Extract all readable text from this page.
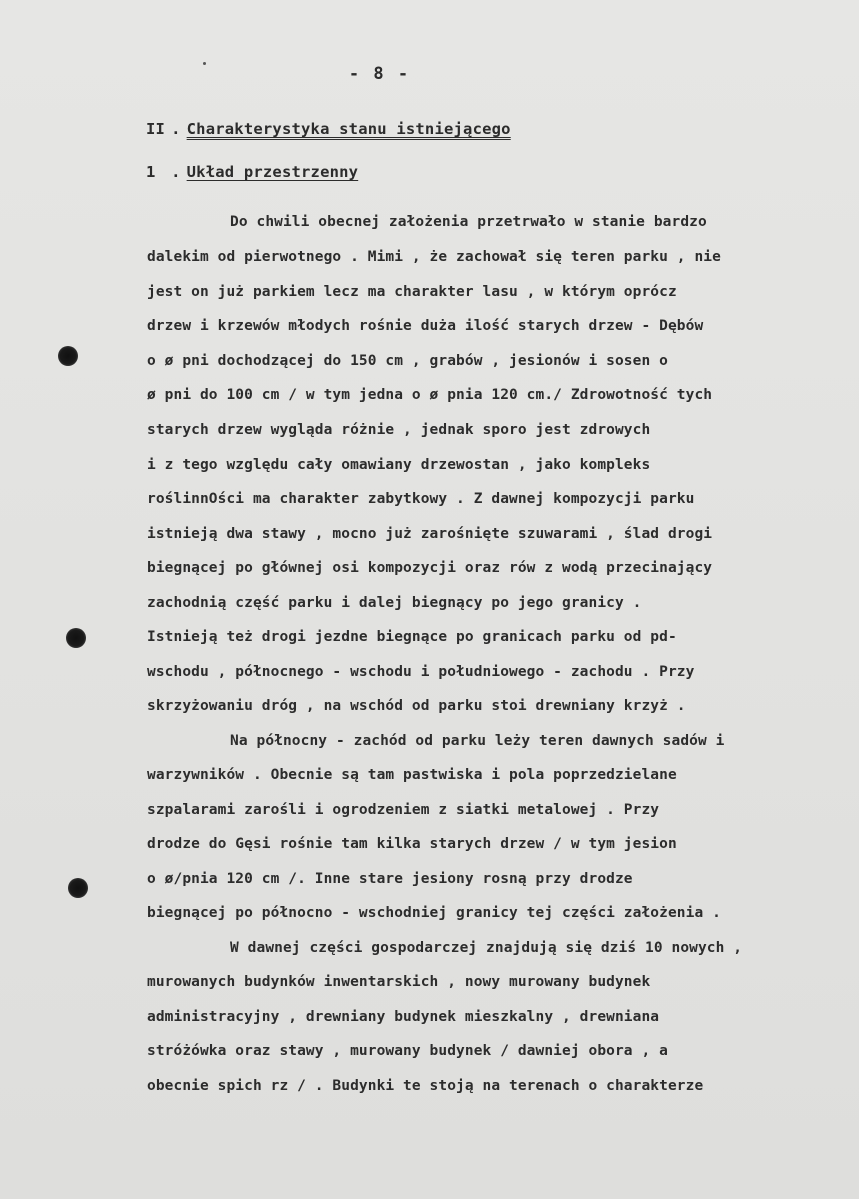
- 8 -
II . Charakterystyka stanu istniejącego
1 . Układ przestrzenny
Do chwili obecnej założenia przetrwało w stanie bardzo
dalekim od pierwotnego . Mimi , że zachował się teren parku , nie
jest on już parkiem lecz ma charakter lasu , w którym oprócz
drzew i krzewów młodych rośnie duża ilość starych drzew - Dębów
o ø pni dochodzącej do 150 cm , grabów , jesionów i sosen o
ø pni do 100 cm / w tym jedna o ø pnia 120 cm./ Zdrowotność tych
starych drzew wygląda różnie , jednak sporo jest zdrowych
i z tego względu cały omawiany drzewostan , jako kompleks
roślinnOści ma charakter zabytkowy . Z dawnej kompozycji parku
istnieją dwa stawy , mocno już zarośnięte szuwarami , ślad drogi
biegnącej po głównej osi kompozycji oraz rów z wodą przecinający
zachodnią część parku i dalej biegnący po jego granicy .
Istnieją też drogi jezdne biegnące po granicach parku od pd-
wschodu , północnego - wschodu i południowego - zachodu . Przy
skrzyżowaniu dróg , na wschód od parku stoi drewniany krzyż .
Na północny - zachód od parku leży teren dawnych sadów i
warzywników . Obecnie są tam pastwiska i pola poprzedzielane
szpalarami zarośli i ogrodzeniem z siatki metalowej . Przy
drodze do Gęsi rośnie tam kilka starych drzew / w tym jesion
o ø/pnia 120 cm /. Inne stare jesiony rosną przy drodze
biegnącej po północno - wschodniej granicy tej części założenia .
W dawnej części gospodarczej znajdują się dziś 10 nowych ,
murowanych budynków inwentarskich , nowy murowany budynek
administracyjny , drewniany budynek mieszkalny , drewniana
stróżówka oraz stawy , murowany budynek / dawniej obora , a
obecnie spich rz / . Budynki te stoją na terenach o charakterze
